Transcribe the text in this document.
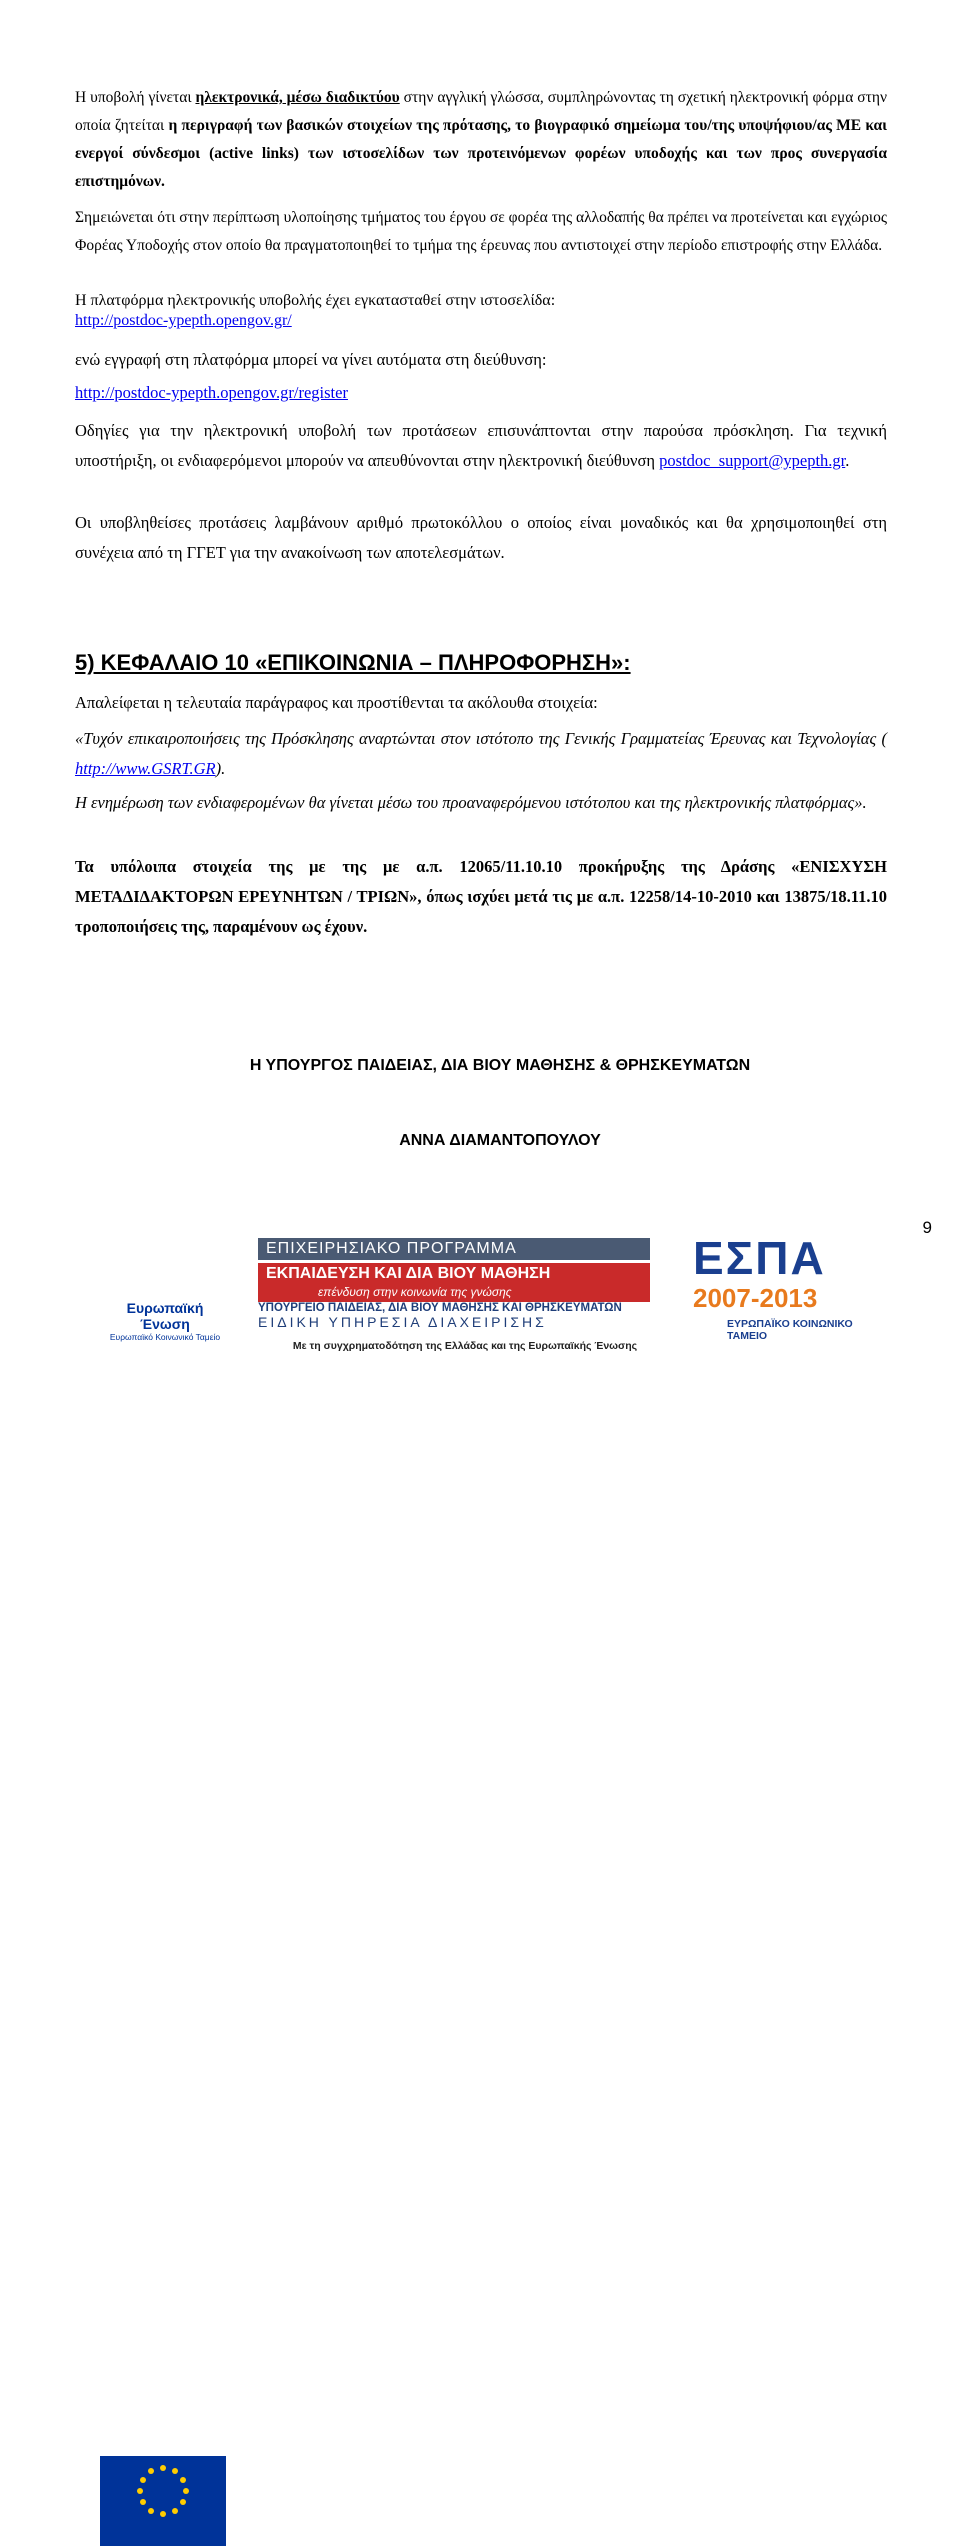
Η υποβολή γίνεται ηλεκτρονικά, μέσω διαδικτύου στην αγγλική γλώσσα, συμπληρώνοντας τη σχετική ηλεκτρονική φόρμα στην οποία ζητείται η περιγραφή των βασικών στοιχείων της πρότασης, το βιογραφικό σημείωμα του/της υποψήφιου/ας ΜΕ και ενεργοί σύνδεσμοι (active links) των ιστοσελίδων των προτεινόμενων φορέων υποδοχής και των προς συνεργασία επιστημόνων.
Σημειώνεται ότι στην περίπτωση υλοποίησης τμήματος του έργου σε φορέα της αλλοδαπής θα πρέπει να προτείνεται και εγχώριος Φορέας Υποδοχής στον οποίο θα πραγματοποιηθεί το τμήμα της έρευνας που αντιστοιχεί στην περίοδο επιστροφής στην Ελλάδα.
Η πλατφόρμα ηλεκτρονικής υποβολής έχει εγκατασταθεί στην ιστοσελίδα:
http://postdoc-ypepth.opengov.gr/
ενώ εγγραφή στη πλατφόρμα μπορεί να γίνει αυτόματα στη διεύθυνση:
http://postdoc-ypepth.opengov.gr/register
Οδηγίες για την ηλεκτρονική υποβολή των προτάσεων επισυνάπτονται στην παρούσα πρόσκληση. Για τεχνική υποστήριξη, οι ενδιαφερόμενοι μπορούν να απευθύνονται στην ηλεκτρονική διεύθυνση postdoc_support@ypepth.gr.
Οι υποβληθείσες προτάσεις λαμβάνουν αριθμό πρωτοκόλλου ο οποίος είναι μοναδικός και θα χρησιμοποιηθεί στη συνέχεια από τη ΓΓΕΤ για την ανακοίνωση των αποτελεσμάτων.
5) ΚΕΦΑΛΑΙΟ 10 «ΕΠΙΚΟΙΝΩΝΙΑ – ΠΛΗΡΟΦΟΡΗΣΗ»:
Απαλείφεται η τελευταία παράγραφος και προστίθενται τα ακόλουθα στοιχεία:
«Τυχόν επικαιροποιήσεις της Πρόσκλησης αναρτώνται στον ιστότοπο της Γενικής Γραμματείας Έρευνας και Τεχνολογίας ( http://www.GSRT.GR).
Η ενημέρωση των ενδιαφερομένων θα γίνεται μέσω του προαναφερόμενου ιστότοπου και της ηλεκτρονικής πλατφόρμας».
Τα υπόλοιπα στοιχεία της με της με α.π. 12065/11.10.10 προκήρυξης της Δράσης «ΕΝΙΣΧΥΣΗ ΜΕΤΑΔΙΔΑΚΤΟΡΩΝ ΕΡΕΥΝΗΤΩΝ / ΤΡΙΩΝ», όπως ισχύει μετά τις με α.π. 12258/14-10-2010 και 13875/18.11.10 τροποποιήσεις της, παραμένουν ως έχουν.
Η ΥΠΟΥΡΓΟΣ ΠΑΙΔΕΙΑΣ, ΔΙΑ ΒΙΟΥ ΜΑΘΗΣΗΣ & ΘΡΗΣΚΕΥΜΑΤΩΝ
ΑΝΝΑ ΔΙΑΜΑΝΤΟΠΟΥΛΟΥ
9
Ευρωπαϊκή Ένωση
Ευρωπαϊκό Κοινωνικό Ταμείο
ΕΠΙΧΕΙΡΗΣΙΑΚΟ ΠΡΟΓΡΑΜΜΑ
ΕΚΠΑΙΔΕΥΣΗ ΚΑΙ ΔΙΑ ΒΙΟΥ ΜΑΘΗΣΗ
επένδυση στην κοινωνία της γνώσης
ΥΠΟΥΡΓΕΙΟ ΠΑΙΔΕΙΑΣ, ΔΙΑ ΒΙΟΥ ΜΑΘΗΣΗΣ ΚΑΙ ΘΡΗΣΚΕΥΜΑΤΩΝ
ΕΙΔΙΚΗ ΥΠΗΡΕΣΙΑ ΔΙΑΧΕΙΡΙΣΗΣ
ΕΣΠΑ
2007-2013
ΕΥΡΩΠΑΪΚΟ ΚΟΙΝΩΝΙΚΟ ΤΑΜΕΙΟ
Με τη συγχρηματοδότηση της Ελλάδας και της Ευρωπαϊκής Ένωσης
